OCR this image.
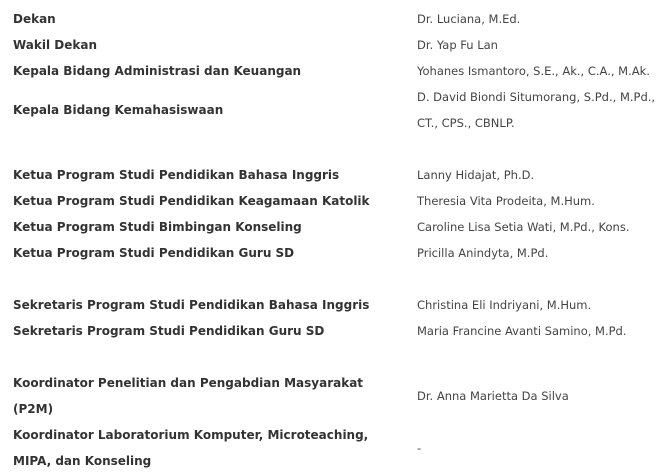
Dekan	Dr. Luciana, M.Ed.
Wakil Dekan	Dr. Yap Fu Lan
Kepala Bidang Administrasi dan Keuangan	Yohanes Ismantoro, S.E., Ak., C.A., M.Ak.
Kepala Bidang Kemahasiswaan	D. David Biondi Situmorang, S.Pd., M.Pd., CT., CPS., CBNLP.

Ketua Program Studi Pendidikan Bahasa Inggris	Lanny Hidajat, Ph.D.
Ketua Program Studi Pendidikan Keagamaan Katolik	Theresia Vita Prodeita, M.Hum.
Ketua Program Studi Bimbingan Konseling	Caroline Lisa Setia Wati, M.Pd., Kons.
Ketua Program Studi Pendidikan Guru SD	Pricilla Anindyta, M.Pd.

Sekretaris Program Studi Pendidikan Bahasa Inggris	Christina Eli Indriyani, M.Hum.
Sekretaris Program Studi Pendidikan Guru SD	Maria Francine Avanti Samino, M.Pd.

Koordinator Penelitian dan Pengabdian Masyarakat (P2M)	Dr. Anna Marietta Da Silva
Koordinator Laboratorium Komputer, Microteaching, MIPA, dan Konseling	-
